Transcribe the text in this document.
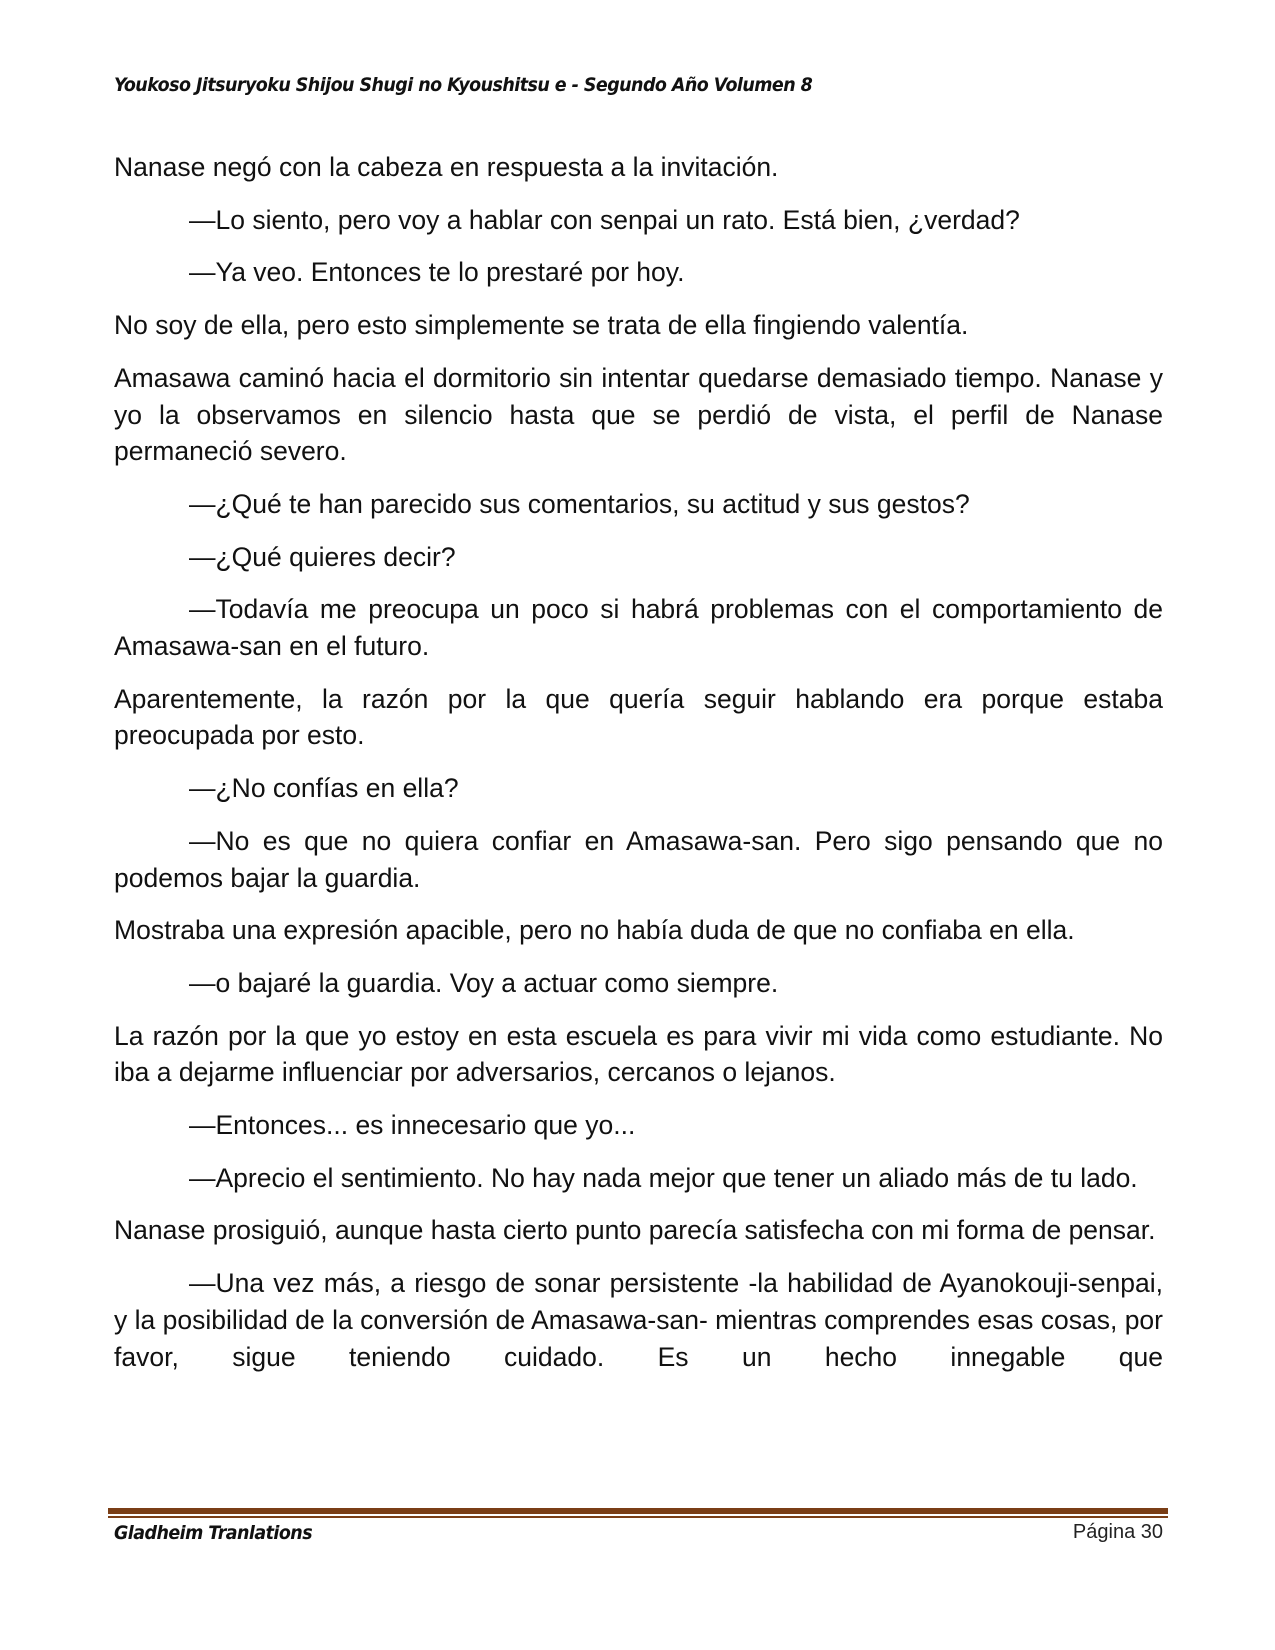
Youkoso Jitsuryoku Shijou Shugi no Kyoushitsu e - Segundo Año Volumen 8

Nanase negó con la cabeza en respuesta a la invitación.

—Lo siento, pero voy a hablar con senpai un rato. Está bien, ¿verdad?

—Ya veo. Entonces te lo prestaré por hoy.

No soy de ella, pero esto simplemente se trata de ella fingiendo valentía.

Amasawa caminó hacia el dormitorio sin intentar quedarse demasiado tiempo. Nanase y yo la observamos en silencio hasta que se perdió de vista, el perfil de Nanase permaneció severo.

—¿Qué te han parecido sus comentarios, su actitud y sus gestos?

—¿Qué quieres decir?

—Todavía me preocupa un poco si habrá problemas con el comportamiento de Amasawa-san en el futuro.

Aparentemente, la razón por la que quería seguir hablando era porque estaba preocupada por esto.

—¿No confías en ella?

—No es que no quiera confiar en Amasawa-san. Pero sigo pensando que no podemos bajar la guardia.

Mostraba una expresión apacible, pero no había duda de que no confiaba en ella.

—o bajaré la guardia. Voy a actuar como siempre.

La razón por la que yo estoy en esta escuela es para vivir mi vida como estudiante. No iba a dejarme influenciar por adversarios, cercanos o lejanos.

—Entonces... es innecesario que yo...

—Aprecio el sentimiento. No hay nada mejor que tener un aliado más de tu lado.

Nanase prosiguió, aunque hasta cierto punto parecía satisfecha con mi forma de pensar.

—Una vez más, a riesgo de sonar persistente -la habilidad de Ayanokouji-senpai, y la posibilidad de la conversión de Amasawa-san- mientras comprendes esas cosas, por favor, sigue teniendo cuidado. Es un hecho innegable que

Gladheim Tranlations	Página 30
